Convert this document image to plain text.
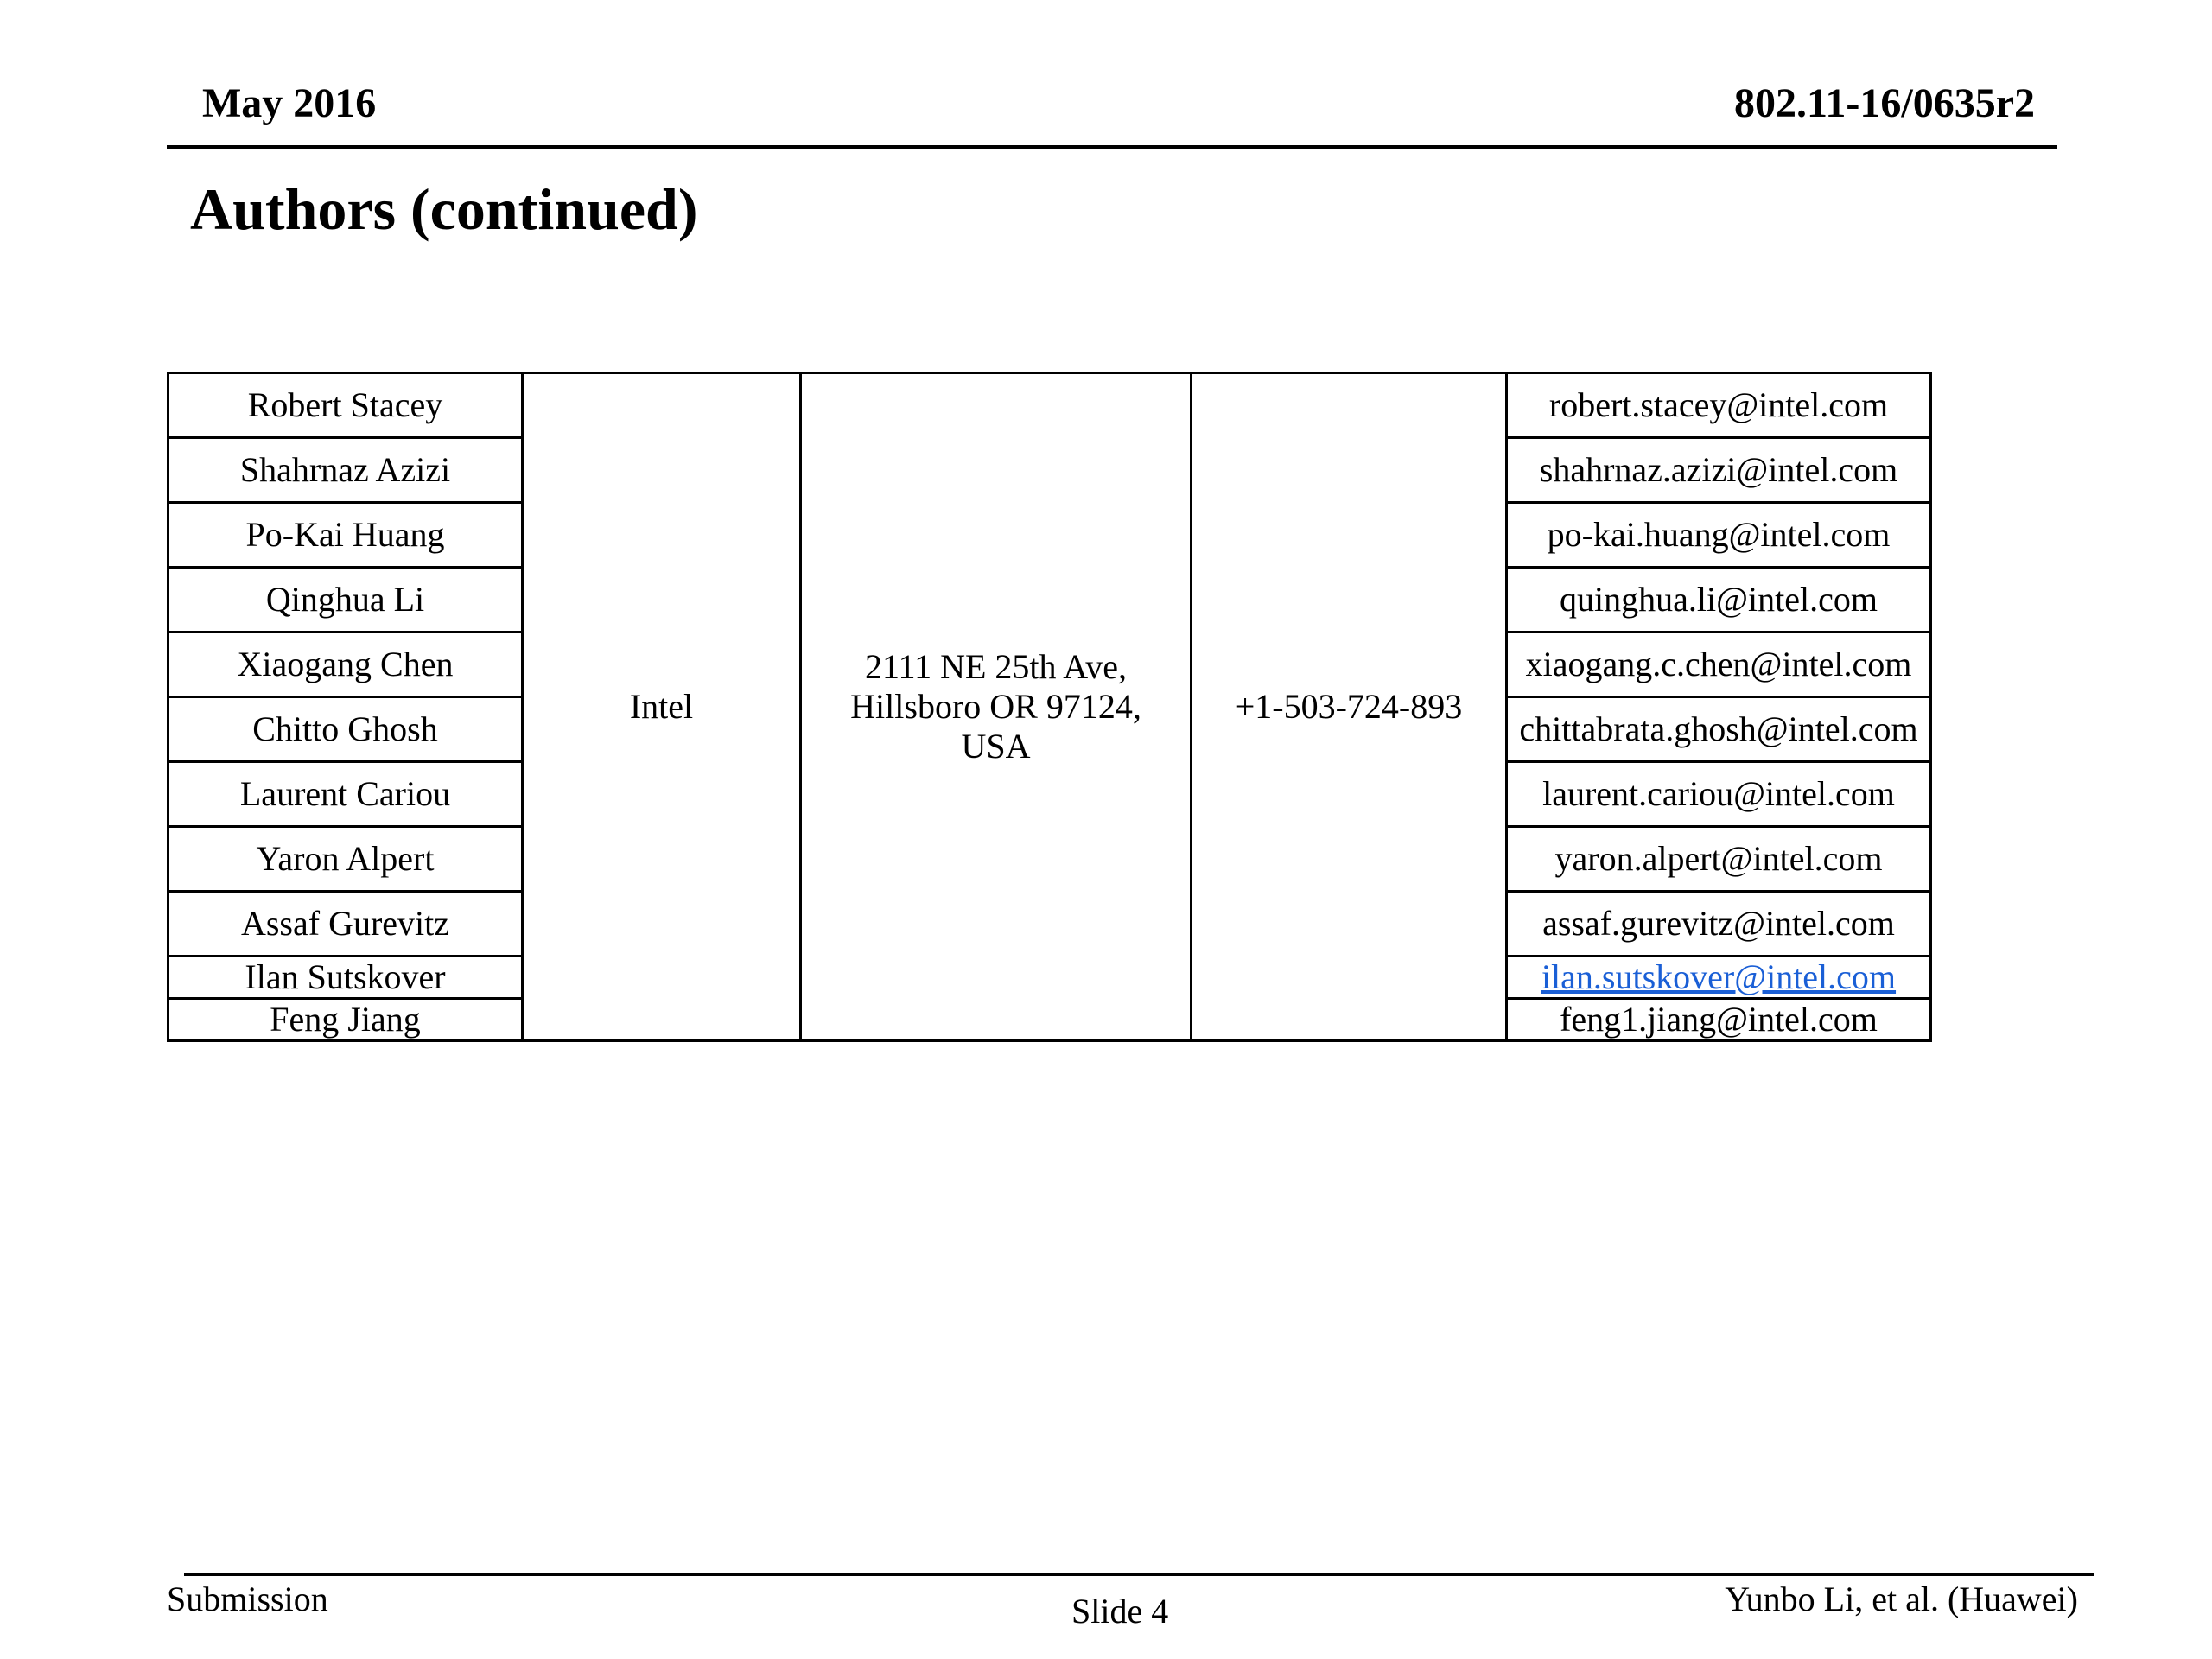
May 2016	802.11-16/0635r2
Authors (continued)
Robert Stacey	Intel	2111 NE 25th Ave,
Hillsboro OR 97124,
USA	+1-503-724-893	robert.stacey@intel.com
Shahrnaz Azizi				shahrnaz.azizi@intel.com
Po-Kai Huang				po-kai.huang@intel.com
Qinghua Li				quinghua.li@intel.com
Xiaogang Chen				xiaogang.c.chen@intel.com
Chitto Ghosh				chittabrata.ghosh@intel.com
Laurent Cariou				laurent.cariou@intel.com
Yaron Alpert				yaron.alpert@intel.com
Assaf Gurevitz				assaf.gurevitz@intel.com
Ilan Sutskover				ilan.sutskover@intel.com
Feng Jiang				feng1.jiang@intel.com
Submission	Slide 4	Yunbo Li, et al. (Huawei)
